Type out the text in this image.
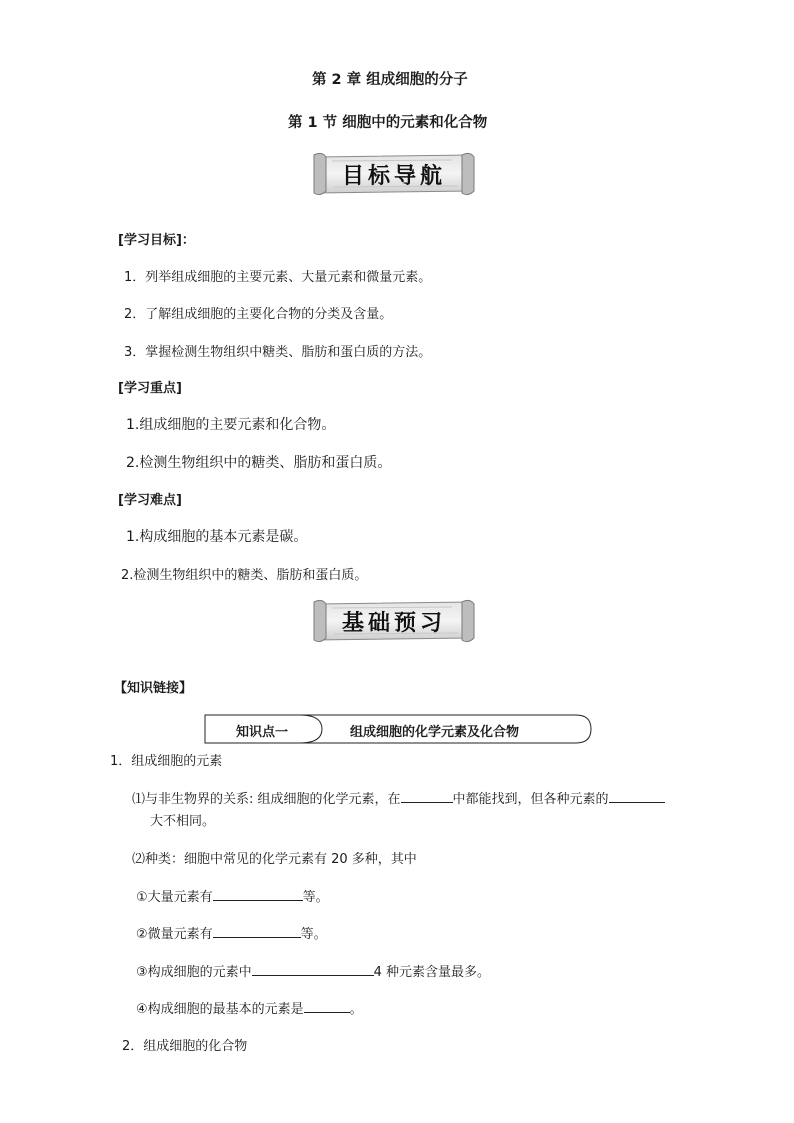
第 2 章 组成细胞的分子
第 1 节 细胞中的元素和化合物
目标导航
[学习目标]：
1．列举组成细胞的主要元素、大量元素和微量元素。
2．了解组成细胞的主要化合物的分类及含量。
3．掌握检测生物组织中糖类、脂肪和蛋白质的方法。
[学习重点]
1.组成细胞的主要元素和化合物。
2.检测生物组织中的糖类、脂肪和蛋白质。
[学习难点]
1.构成细胞的基本元素是碳。
2.检测生物组织中的糖类、脂肪和蛋白质。
基础预习
【知识链接】
知识点一	组成细胞的化学元素及化合物
1．组成细胞的元素
⑴与非生物界的关系: 组成细胞的化学元素，在	中都能找到，但各种元素的
大不相同。
⑵种类：细胞中常见的化学元素有 20 多种，其中
①大量元素有	等。
②微量元素有	等。
③构成细胞的元素中	4 种元素含量最多。
④构成细胞的最基本的元素是	。
2．组成细胞的化合物
